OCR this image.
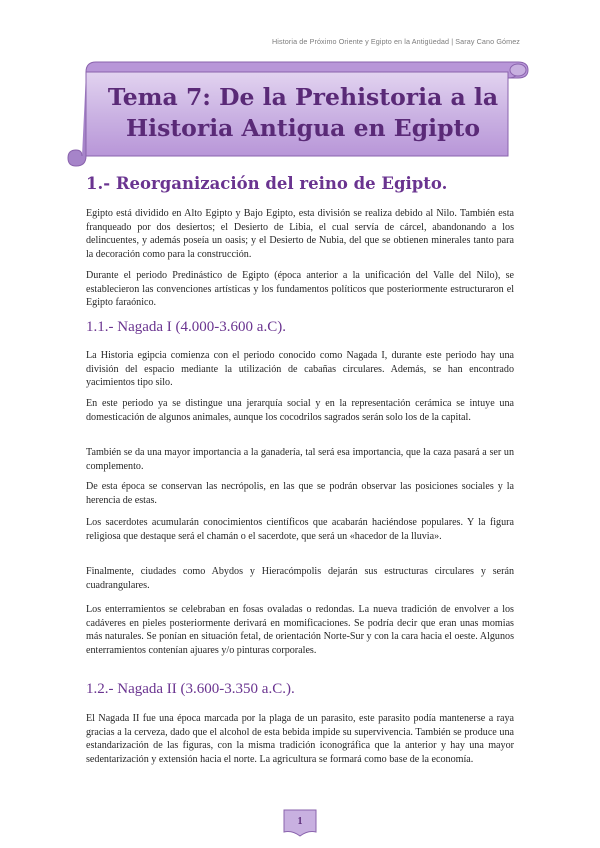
Historia de Próximo Oriente y Egipto en la Antigüedad | Saray Cano Gómez
Tema 7: De la Prehistoria a la
Historia Antigua en Egipto
1.- Reorganización del reino de Egipto.

Egipto está dividido en Alto Egipto y Bajo Egipto, esta división se realiza debido al Nilo. También esta franqueado por dos desiertos; el Desierto de Libia, el cual servía de cárcel, abandonando a los delincuentes, y además poseía un oasis; y el Desierto de Nubia, del que se obtienen minerales tanto para la decoración como para la construcción.

Durante el periodo Predinástico de Egipto (época anterior a la unificación del Valle del Nilo), se establecieron las convenciones artísticas y los fundamentos políticos que posteriormente estructuraron el Egipto faraónico.

1.1.- Nagada I (4.000-3.600 a.C).

La Historia egipcia comienza con el periodo conocido como Nagada I, durante este periodo hay una división del espacio mediante la utilización de cabañas circulares. Además, se han encontrado yacimientos tipo silo.

En este periodo ya se distingue una jerarquía social y en la representación cerámica se intuye una domesticación de algunos animales, aunque los cocodrilos sagrados serán solo los de la capital.

También se da una mayor importancia a la ganadería, tal será esa importancia, que la caza pasará a ser un complemento.

De esta época se conservan las necrópolis, en las que se podrán observar las posiciones sociales y la herencia de estas.

Los sacerdotes acumularán conocimientos científicos que acabarán haciéndose populares. Y la figura religiosa que destaque será el chamán o el sacerdote, que será un «hacedor de la lluvia».

Finalmente, ciudades como Abydos y Hieracómpolis dejarán sus estructuras circulares y serán cuadrangulares.

Los enterramientos se celebraban en fosas ovaladas o redondas. La nueva tradición de envolver a los cadáveres en pieles posteriormente derivará en momificaciones. Se podría decir que eran unas momias más naturales. Se ponían en situación fetal, de orientación Norte-Sur y con la cara hacia el oeste. Algunos enterramientos contenían ajuares y/o pinturas corporales.

1.2.- Nagada II (3.600-3.350 a.C.).

El Nagada II fue una época marcada por la plaga de un parasito, este parasito podía mantenerse a raya gracias a la cerveza, dado que el alcohol de esta bebida impide su supervivencia. También se produce una estandarización de las figuras, con la misma tradición iconográfica que la anterior y hay una mayor sedentarización y extensión hacia el norte. La agricultura se formará como base de la economía.

1
